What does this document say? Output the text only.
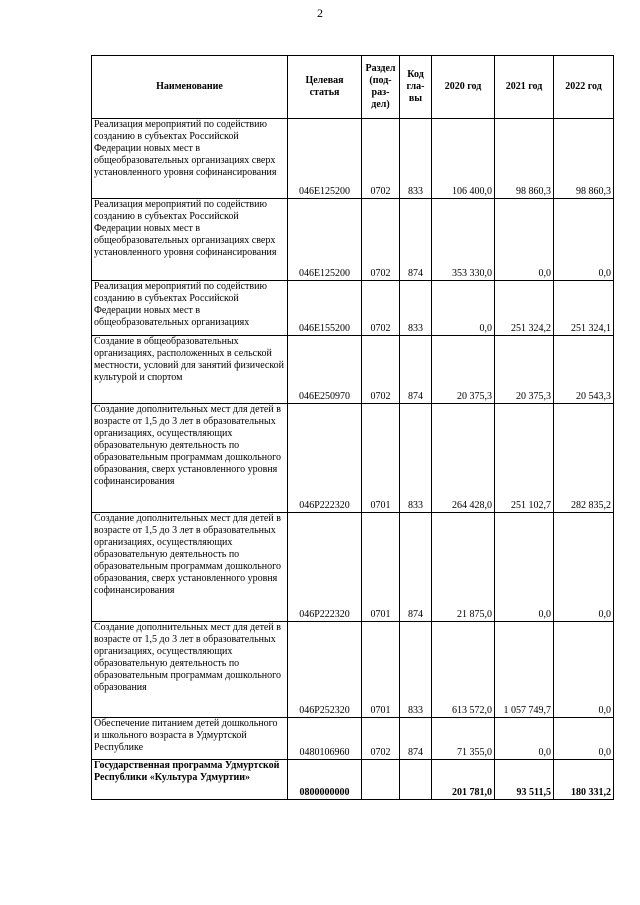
2
Наименование	Целевая статья	Раздел (под-раз-дел)	Код гла-вы	2020 год	2021 год	2022 год
Реализация мероприятий по содействию созданию в субъектах Российской Федерации новых мест в общеобразовательных организациях сверх установленного уровня софинансирования	046E125200	0702	833	106 400,0	98 860,3	98 860,3
Реализация мероприятий по содействию созданию в субъектах Российской Федерации новых мест в общеобразовательных организациях сверх установленного уровня софинансирования	046E125200	0702	874	353 330,0	0,0	0,0
Реализация мероприятий по содействию созданию в субъектах Российской Федерации новых мест в общеобразовательных организациях	046E155200	0702	833	0,0	251 324,2	251 324,1
Создание в общеобразовательных организациях, расположенных в сельской местности, условий для занятий физической культурой и спортом	046E250970	0702	874	20 375,3	20 375,3	20 543,3
Создание дополнительных мест для детей в возрасте от 1,5 до 3 лет в образовательных организациях, осуществляющих образовательную деятельность по образовательным программам дошкольного образования, сверх установленного уровня софинансирования	046P222320	0701	833	264 428,0	251 102,7	282 835,2
Создание дополнительных мест для детей в возрасте от 1,5 до 3 лет в образовательных организациях, осуществляющих образовательную деятельность по образовательным программам дошкольного образования, сверх установленного уровня софинансирования	046P222320	0701	874	21 875,0	0,0	0,0
Создание дополнительных мест для детей в возрасте от 1,5 до 3 лет в образовательных организациях, осуществляющих образовательную деятельность по образовательным программам дошкольного образования	046P252320	0701	833	613 572,0	1 057 749,7	0,0
Обеспечение питанием детей дошкольного и школьного возраста в Удмуртской Республике	0480106960	0702	874	71 355,0	0,0	0,0
Государственная программа Удмуртской Республики «Культура Удмуртии»	0800000000			201 781,0	93 511,5	180 331,2
